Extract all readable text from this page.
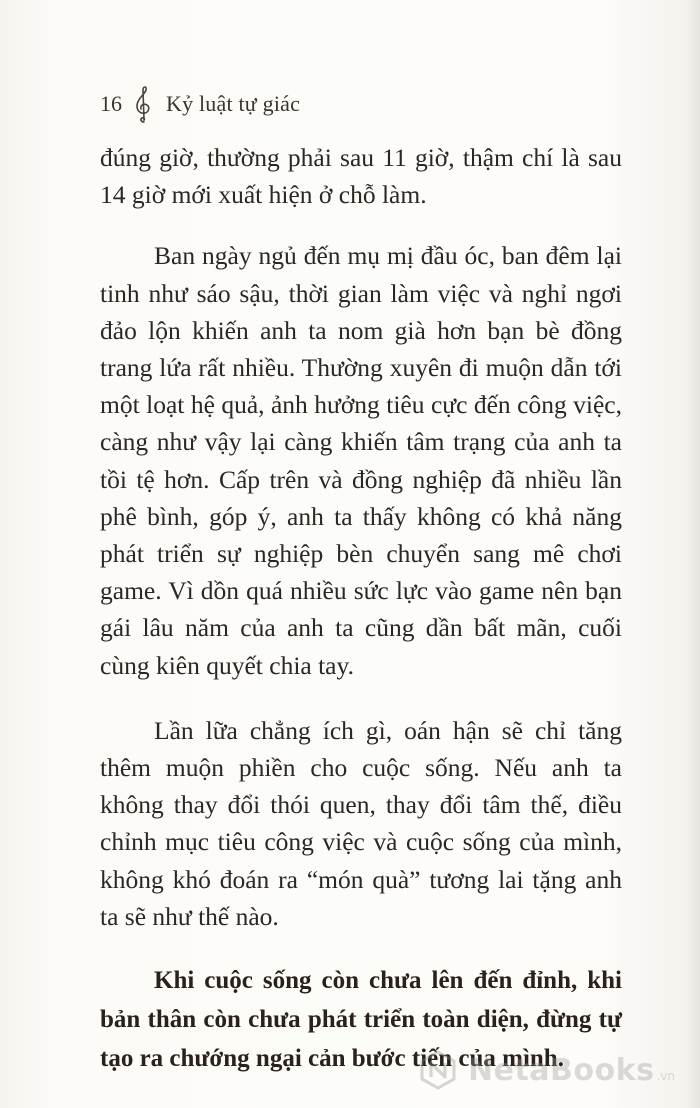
16 Kỷ luật tự giác

đúng giờ, thường phải sau 11 giờ, thậm chí là sau 14 giờ mới xuất hiện ở chỗ làm.

Ban ngày ngủ đến mụ mị đầu óc, ban đêm lại tinh như sáo sậu, thời gian làm việc và nghỉ ngơi đảo lộn khiến anh ta nom già hơn bạn bè đồng trang lứa rất nhiều. Thường xuyên đi muộn dẫn tới một loạt hệ quả, ảnh hưởng tiêu cực đến công việc, càng như vậy lại càng khiến tâm trạng của anh ta tồi tệ hơn. Cấp trên và đồng nghiệp đã nhiều lần phê bình, góp ý, anh ta thấy không có khả năng phát triển sự nghiệp bèn chuyển sang mê chơi game. Vì dồn quá nhiều sức lực vào game nên bạn gái lâu năm của anh ta cũng dần bất mãn, cuối cùng kiên quyết chia tay.

Lần lữa chẳng ích gì, oán hận sẽ chỉ tăng thêm muộn phiền cho cuộc sống. Nếu anh ta không thay đổi thói quen, thay đổi tâm thế, điều chỉnh mục tiêu công việc và cuộc sống của mình, không khó đoán ra “món quà” tương lai tặng anh ta sẽ như thế nào.

Khi cuộc sống còn chưa lên đến đỉnh, khi bản thân còn chưa phát triển toàn diện, đừng tự tạo ra chướng ngại cản bước tiến của mình.

NetaBooks .vn
